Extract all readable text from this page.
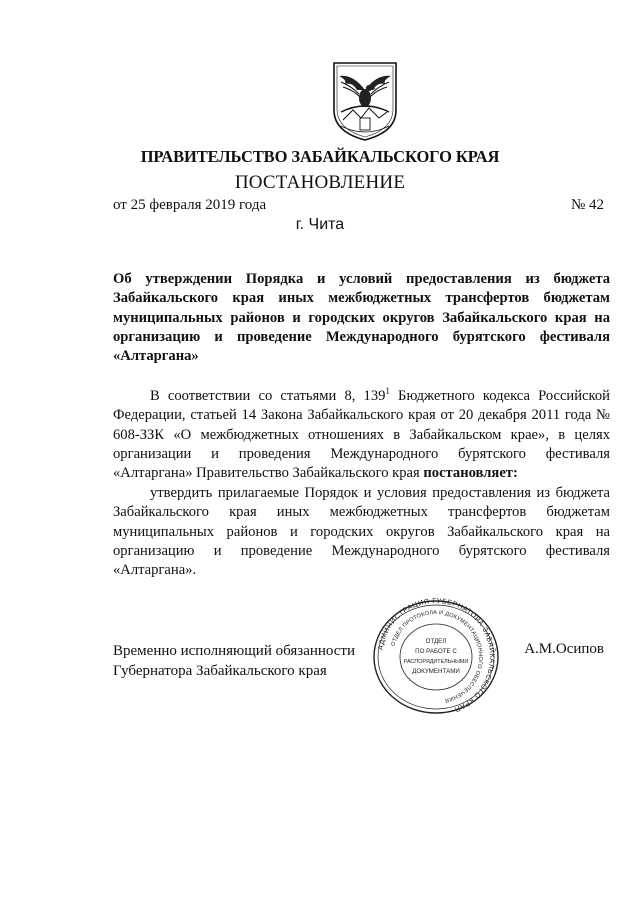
ПРАВИТЕЛЬСТВО ЗАБАЙКАЛЬСКОГО КРАЯ
ПОСТАНОВЛЕНИЕ
от 25 февраля 2019 года	№ 42
г. Чита
Об утверждении Порядка и условий предоставления из бюджета Забайкальского края иных межбюджетных трансфертов бюджетам муниципальных районов и городских округов Забайкальского края на организацию и проведение Международного бурятского фестиваля «Алтаргана»
В соответствии со статьями 8, $139^1$ Бюджетного кодекса Российской Федерации, статьей 14 Закона Забайкальского края от 20 декабря 2011 года № 608-ЗЗК «О межбюджетных отношениях в Забайкальском крае», в целях организации и проведения Международного бурятского фестиваля «Алтаргана» Правительство Забайкальского края постановляет:
утвердить прилагаемые Порядок и условия предоставления из бюджета Забайкальского края иных межбюджетных трансфертов бюджетам муниципальных районов и городских округов Забайкальского края на организацию и проведение Международного бурятского фестиваля «Алтаргана».
Временно исполняющий обязанности
Губернатора Забайкальского края
А.М.Осипов
АДМИНИСТРАЦИЯ ГУБЕРНАТОРА ЗАБАЙКАЛЬСКОГО КРАЯ
ОТДЕЛ ПРОТОКОЛА И ДОКУМЕНТАЦИОННОГО ОБЕСПЕЧЕНИЯ
ОТДЕЛ
ПО РАБОТЕ С
РАСПОРЯДИТЕЛЬНЫМИ
ДОКУМЕНТАМИ
